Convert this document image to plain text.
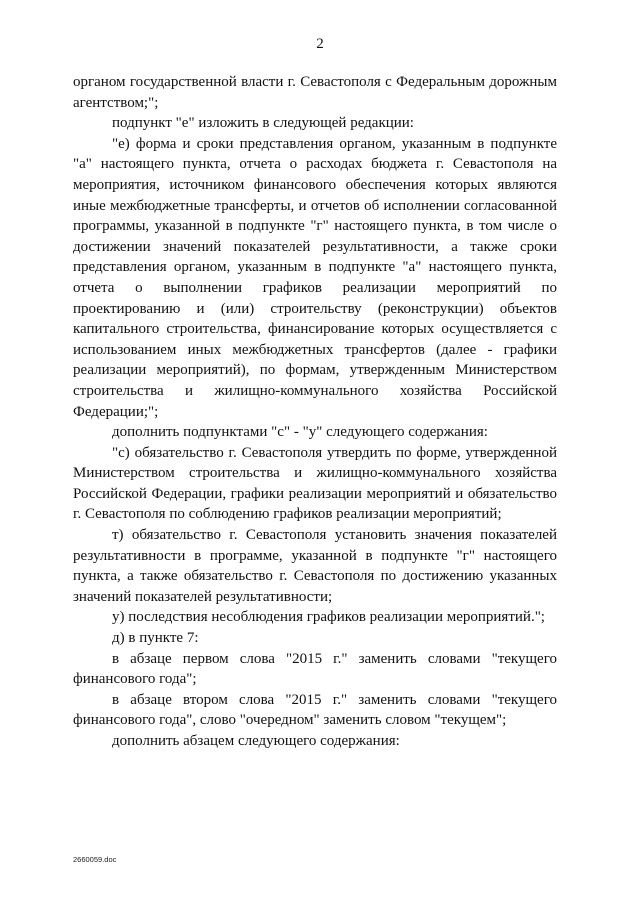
2

органом государственной власти г. Севастополя с Федеральным дорожным агентством;";

подпункт "е" изложить в следующей редакции:

"е) форма и сроки представления органом, указанным в подпункте "а" настоящего пункта, отчета о расходах бюджета г. Севастополя на мероприятия, источником финансового обеспечения которых являются иные межбюджетные трансферты, и отчетов об исполнении согласованной программы, указанной в подпункте "г" настоящего пункта, в том числе о достижении значений показателей результативности, а также сроки представления органом, указанным в подпункте "а" настоящего пункта, отчета о выполнении графиков реализации мероприятий по проектированию и (или) строительству (реконструкции) объектов капитального строительства, финансирование которых осуществляется с использованием иных межбюджетных трансфертов (далее - графики реализации мероприятий), по формам, утвержденным Министерством строительства и жилищно-коммунального хозяйства Российской Федерации;";

дополнить подпунктами "с" - "у" следующего содержания:

"с) обязательство г. Севастополя утвердить по форме, утвержденной Министерством строительства и жилищно-коммунального хозяйства Российской Федерации, графики реализации мероприятий и обязательство г. Севастополя по соблюдению графиков реализации мероприятий;

т) обязательство г. Севастополя установить значения показателей результативности в программе, указанной в подпункте "г" настоящего пункта, а также обязательство г. Севастополя по достижению указанных значений показателей результативности;

у) последствия несоблюдения графиков реализации мероприятий.";

д) в пункте 7:

в абзаце первом слова "2015 г." заменить словами "текущего финансового года";

в абзаце втором слова "2015 г." заменить словами "текущего финансового года", слово "очередном" заменить словом "текущем";

дополнить абзацем следующего содержания:

2660059.doc
